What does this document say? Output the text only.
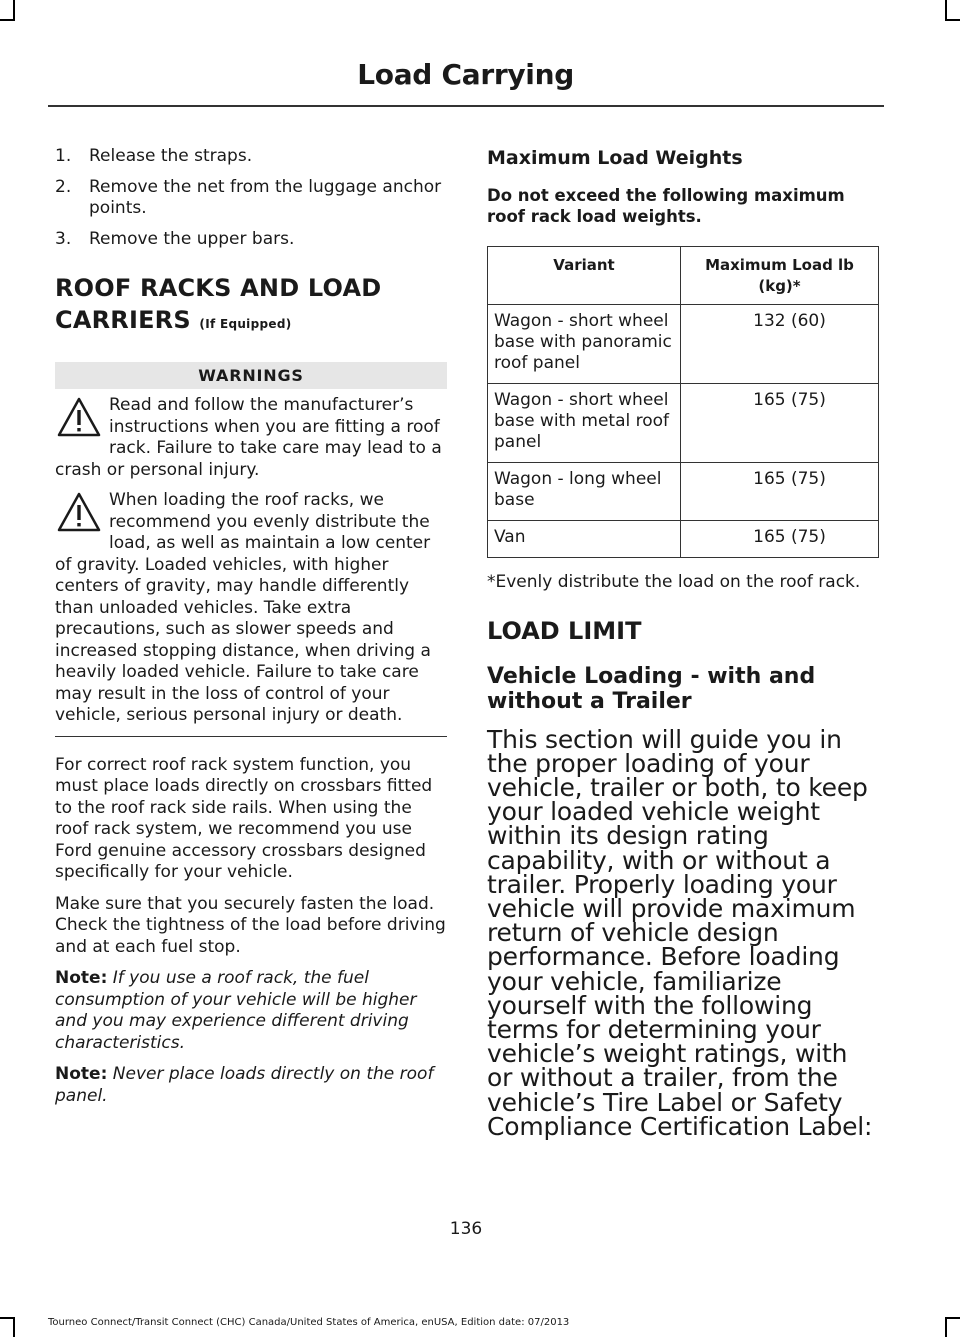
Load Carrying
1.	Release the straps.
2.	Remove the net from the luggage anchor points.
3.	Remove the upper bars.
ROOF RACKS AND LOAD
CARRIERS (If Equipped)
WARNINGS
Read and follow the manufacturer’s instructions when you are fitting a roof rack. Failure to take care may lead to a crash or personal injury.
When loading the roof racks, we recommend you evenly distribute the load, as well as maintain a low center of gravity. Loaded vehicles, with higher centers of gravity, may handle differently than unloaded vehicles. Take extra precautions, such as slower speeds and increased stopping distance, when driving a heavily loaded vehicle. Failure to take care may result in the loss of control of your vehicle, serious personal injury or death.

For correct roof rack system function, you must place loads directly on crossbars fitted to the roof rack side rails. When using the roof rack system, we recommend you use Ford genuine accessory crossbars designed specifically for your vehicle.

Make sure that you securely fasten the load. Check the tightness of the load before driving and at each fuel stop.

Note: If you use a roof rack, the fuel consumption of your vehicle will be higher and you may experience different driving characteristics.

Note: Never place loads directly on the roof panel.

Maximum Load Weights
Do not exceed the following maximum roof rack load weights.
Variant	Maximum Load lb (kg)*
Wagon - short wheel base with panoramic roof panel	132 (60)
Wagon - short wheel base with metal roof panel	165 (75)
Wagon - long wheel base	165 (75)
Van	165 (75)
*Evenly distribute the load on the roof rack.
LOAD LIMIT
Vehicle Loading - with and without a Trailer

This section will guide you in the proper loading of your vehicle, trailer or both, to keep your loaded vehicle weight within its design rating capability, with or without a trailer. Properly loading your vehicle will provide maximum return of vehicle design performance. Before loading your vehicle, familiarize yourself with the following terms for determining your vehicle’s weight ratings, with or without a trailer, from the vehicle’s Tire Label or Safety Compliance Certification Label:

136
Tourneo Connect/Transit Connect (CHC) Canada/United States of America, enUSA, Edition date: 07/2013
